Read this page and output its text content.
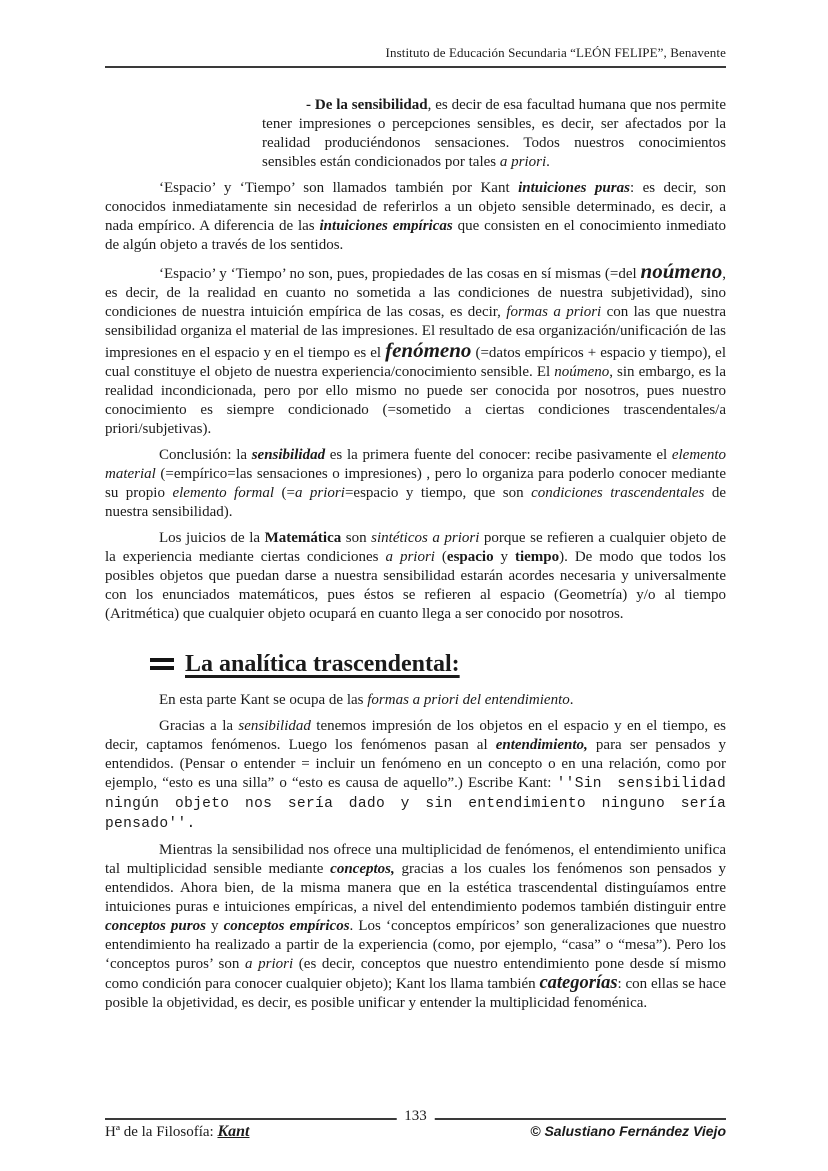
Instituto de Educación Secundaria “LEÓN FELIPE”, Benavente

- De la sensibilidad, es decir de esa facultad humana que nos permite tener impresiones o percepciones sensibles, es decir, ser afectados por la realidad produciéndonos sensaciones. Todos nuestros conocimientos sensibles están condicionados por tales a priori.

‘Espacio’ y ‘Tiempo’ son llamados también por Kant intuiciones puras: es decir, son conocidos inmediatamente sin necesidad de referirlos a un objeto sensible determinado, es decir, a nada empírico. A diferencia de las intuiciones empíricas que consisten en el conocimiento inmediato de algún objeto a través de los sentidos.

‘Espacio’ y ‘Tiempo’ no son, pues, propiedades de las cosas en sí mismas (=del noúmeno, es decir, de la realidad en cuanto no sometida a las condiciones de nuestra subjetividad), sino condiciones de nuestra intuición empírica de las cosas, es decir, formas a priori con las que nuestra sensibilidad organiza el material de las impresiones. El resultado de esa organización/unificación de las impresiones en el espacio y en el tiempo es el fenómeno (=datos empíricos + espacio y tiempo), el cual constituye el objeto de nuestra experiencia/conocimiento sensible. El noúmeno, sin embargo, es la realidad incondicionada, pero por ello mismo no puede ser conocida por nosotros, pues nuestro conocimiento es siempre condicionado (=sometido a ciertas condiciones trascendentales/a priori/subjetivas).

Conclusión: la sensibilidad es la primera fuente del conocer: recibe pasivamente el elemento material (=empírico=las sensaciones o impresiones) , pero lo organiza para poderlo conocer mediante su propio elemento formal (=a priori=espacio y tiempo, que son condiciones trascendentales de nuestra sensibilidad).

Los juicios de la Matemática son sintéticos a priori porque se refieren a cualquier objeto de la experiencia mediante ciertas condiciones a priori (espacio y tiempo). De modo que todos los posibles objetos que puedan darse a nuestra sensibilidad estarán acordes necesaria y universalmente con los enunciados matemáticos, pues éstos se refieren al espacio (Geometría) y/o al tiempo (Aritmética) que cualquier objeto ocupará en cuanto llega a ser conocido por nosotros.

La analítica trascendental:

En esta parte Kant se ocupa de las formas a priori del entendimiento.

Gracias a la sensibilidad tenemos impresión de los objetos en el espacio y en el tiempo, es decir, captamos fenómenos. Luego los fenómenos pasan al entendimiento, para ser pensados y entendidos. (Pensar o entender = incluir un fenómeno en un concepto o en una relación, como por ejemplo, “esto es una silla” o “esto es causa de aquello”.) Escribe Kant: ''Sin sensibilidad ningún objeto nos sería dado y sin entendimiento ninguno sería pensado''.

Mientras la sensibilidad nos ofrece una multiplicidad de fenómenos, el entendimiento unifica tal multiplicidad sensible mediante conceptos, gracias a los cuales los fenómenos son pensados y entendidos. Ahora bien, de la misma manera que en la estética trascendental distinguíamos entre intuiciones puras e intuiciones empíricas, a nivel del entendimiento podemos también distinguir entre conceptos puros y conceptos empíricos. Los ‘conceptos empíricos’ son generalizaciones que nuestro entendimiento ha realizado a partir de la experiencia (como, por ejemplo, “casa” o “mesa”). Pero los ‘conceptos puros’ son a priori (es decir, conceptos que nuestro entendimiento pone desde sí mismo como condición para conocer cualquier objeto); Kant los llama también categorías: con ellas se hace posible la objetividad, es decir, es posible unificar y entender la multiplicidad fenoménica.

Hª de la Filosofía: Kant
133
© Salustiano Fernández Viejo
